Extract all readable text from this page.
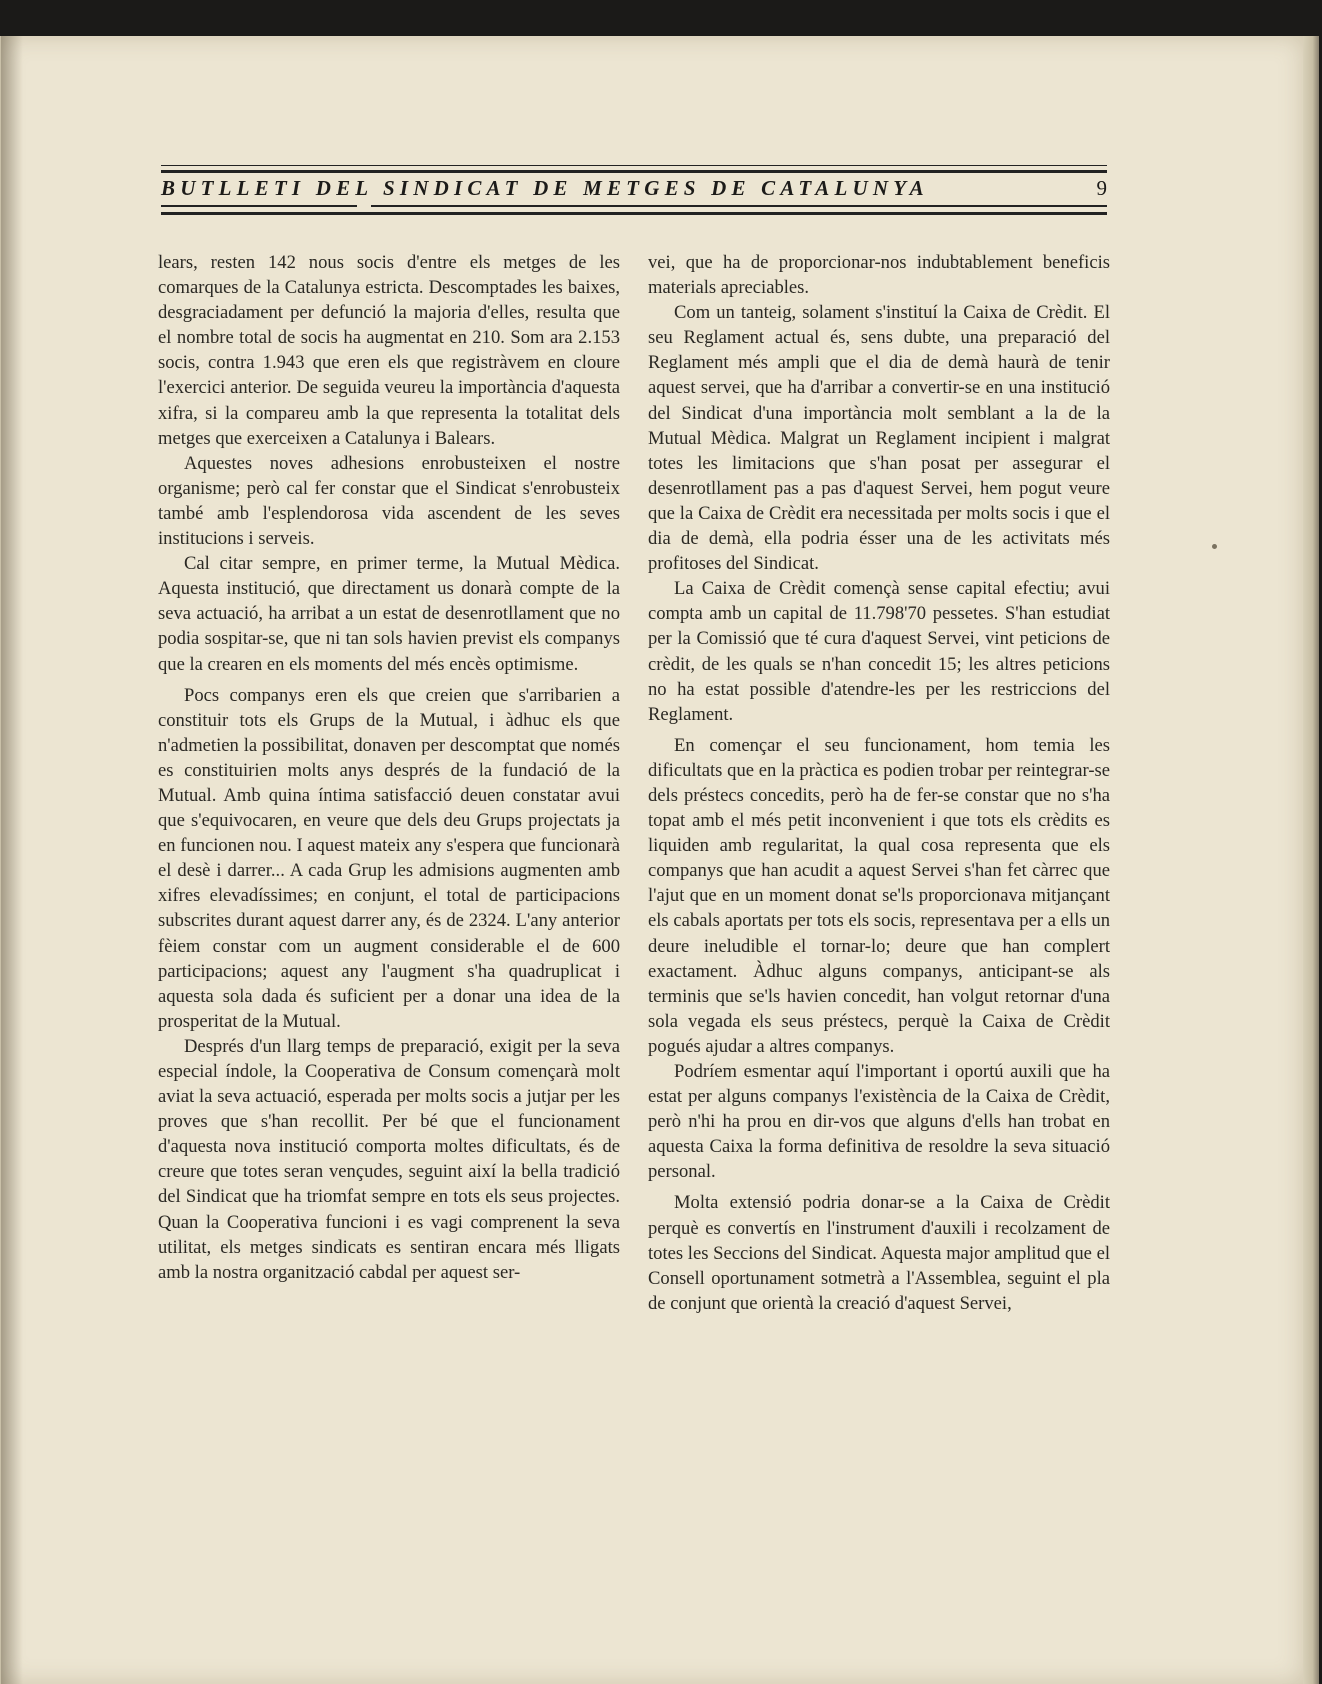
BUTLLETI DEL SINDICAT DE METGES DE CATALUNYA	9

lears, resten 142 nous socis d'entre els metges de les comarques de la Catalunya estricta. Descomptades les baixes, desgraciadament per defunció la majoria d'elles, resulta que el nombre total de socis ha augmentat en 210. Som ara 2.153 socis, contra 1.943 que eren els que registràvem en cloure l'exercici anterior. De seguida veureu la importància d'aquesta xifra, si la compareu amb la que representa la totalitat dels metges que exerceixen a Catalunya i Balears.

Aquestes noves adhesions enrobusteixen el nostre organisme; però cal fer constar que el Sindicat s'enrobusteix també amb l'esplendorosa vida ascendent de les seves institucions i serveis.

Cal citar sempre, en primer terme, la Mutual Mèdica. Aquesta institució, que directament us donarà compte de la seva actuació, ha arribat a un estat de desenrotllament que no podia sospitar-se, que ni tan sols havien previst els companys que la crearen en els moments del més encès optimisme.

Pocs companys eren els que creien que s'arribarien a constituir tots els Grups de la Mutual, i àdhuc els que n'admetien la possibilitat, donaven per descomptat que només es constituirien molts anys després de la fundació de la Mutual. Amb quina íntima satisfacció deuen constatar avui que s'equivocaren, en veure que dels deu Grups projectats ja en funcionen nou. I aquest mateix any s'espera que funcionarà el desè i darrer... A cada Grup les admisions augmenten amb xifres elevadíssimes; en conjunt, el total de participacions subscrites durant aquest darrer any, és de 2324. L'any anterior fèiem constar com un augment considerable el de 600 participacions; aquest any l'augment s'ha quadruplicat i aquesta sola dada és suficient per a donar una idea de la prosperitat de la Mutual.

Després d'un llarg temps de preparació, exigit per la seva especial índole, la Cooperativa de Consum començarà molt aviat la seva actuació, esperada per molts socis a jutjar per les proves que s'han recollit. Per bé que el funcionament d'aquesta nova institució comporta moltes dificultats, és de creure que totes seran vençudes, seguint així la bella tradició del Sindicat que ha triomfat sempre en tots els seus projectes. Quan la Cooperativa funcioni i es vagi comprenent la seva utilitat, els metges sindicats es sentiran encara més lligats amb la nostra organització cabdal per aquest ser-

vei, que ha de proporcionar-nos indubtablement beneficis materials apreciables.

Com un tanteig, solament s'instituí la Caixa de Crèdit. El seu Reglament actual és, sens dubte, una preparació del Reglament més ampli que el dia de demà haurà de tenir aquest servei, que ha d'arribar a convertir-se en una institució del Sindicat d'una importància molt semblant a la de la Mutual Mèdica. Malgrat un Reglament incipient i malgrat totes les limitacions que s'han posat per assegurar el desenrotllament pas a pas d'aquest Servei, hem pogut veure que la Caixa de Crèdit era necessitada per molts socis i que el dia de demà, ella podria ésser una de les activitats més profitoses del Sindicat.

La Caixa de Crèdit començà sense capital efectiu; avui compta amb un capital de 11.798'70 pessetes. S'han estudiat per la Comissió que té cura d'aquest Servei, vint peticions de crèdit, de les quals se n'han concedit 15; les altres peticions no ha estat possible d'atendre-les per les restriccions del Reglament.

En començar el seu funcionament, hom temia les dificultats que en la pràctica es podien trobar per reintegrar-se dels préstecs concedits, però ha de fer-se constar que no s'ha topat amb el més petit inconvenient i que tots els crèdits es liquiden amb regularitat, la qual cosa representa que els companys que han acudit a aquest Servei s'han fet càrrec que l'ajut que en un moment donat se'ls proporcionava mitjançant els cabals aportats per tots els socis, representava per a ells un deure ineludible el tornar-lo; deure que han complert exactament. Àdhuc alguns companys, anticipant-se als terminis que se'ls havien concedit, han volgut retornar d'una sola vegada els seus préstecs, perquè la Caixa de Crèdit pogués ajudar a altres companys.

Podríem esmentar aquí l'important i oportú auxili que ha estat per alguns companys l'existència de la Caixa de Crèdit, però n'hi ha prou en dir-vos que alguns d'ells han trobat en aquesta Caixa la forma definitiva de resoldre la seva situació personal.

Molta extensió podria donar-se a la Caixa de Crèdit perquè es convertís en l'instrument d'auxili i recolzament de totes les Seccions del Sindicat. Aquesta major amplitud que el Consell oportunament sotmetrà a l'Assemblea, seguint el pla de conjunt que orientà la creació d'aquest Servei,
